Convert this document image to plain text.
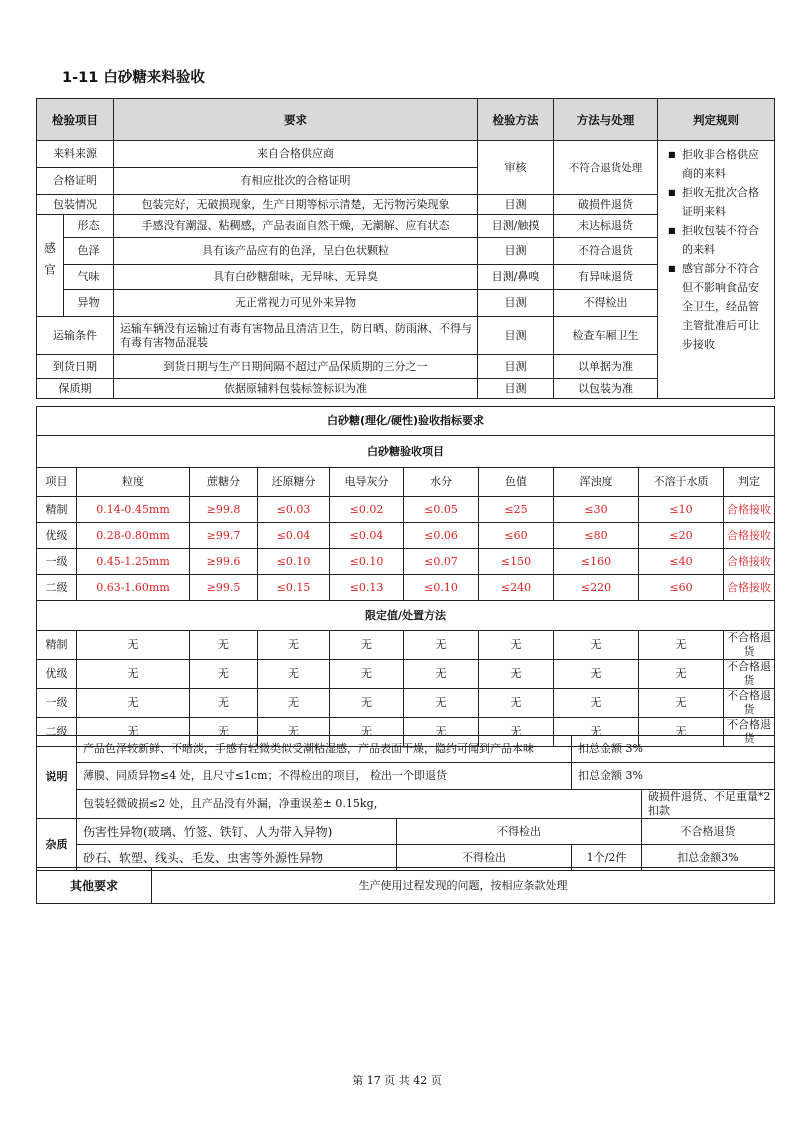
1-11 白砂糖来料验收
检验项目		要求	检验方法	方法与处理	判定规则
来料来源		来自合格供应商	审核	不符合退货处理	■ 拒收非合格供应商的来料
■ 拒收无批次合格证明来料
■ 拒收包装不符合的来料
■ 感官部分不符合但不影响食品安全卫生，经品管主管批准后可让步接收

合格证明		有相应批次的合格证明			
包装情况		包装完好，无破损现象，生产日期等标示清楚，无污物污染现象	目测	破损件退货	
感官	形态	手感没有潮湿、粘稠感，产品表面自然干燥，无潮解、应有状态	目测/触摸	未达标退货	
	色泽	具有该产品应有的色泽，呈白色状颗粒	目测	不符合退货	
	气味	具有白砂糖甜味，无异味、无异臭	目测/鼻嗅	有异味退货	
	异物	无正常视力可见外来异物	目测	不得检出	
运输条件		运输车辆没有运输过有毒有害物品且清洁卫生，防日晒、防雨淋、不得与有毒有害物品混装	目测	检查车厢卫生	
到货日期		到货日期与生产日期间隔不超过产品保质期的三分之一	目测	以单据为准	
保质期		依据原辅料包装标签标识为准	目测	以包装为准	
白砂糖(理化/硬性)验收指标要求									
白砂糖验收项目									
项目	粒度	蔗糖分	还原糖分	电导灰分	水分	色值	浑浊度	不溶于水质	判定
精制	0.14-0.45mm	≥99.8	≤0.03	≤0.02	≤0.05	≤25	≤30	≤10	合格接收
优级	0.28-0.80mm	≥99.7	≤0.04	≤0.04	≤0.06	≤60	≤80	≤20	合格接收
一级	0.45-1.25mm	≥99.6	≤0.10	≤0.10	≤0.07	≤150	≤160	≤40	合格接收
二级	0.63-1.60mm	≥99.5	≤0.15	≤0.13	≤0.10	≤240	≤220	≤60	合格接收
限定值/处置方法									
精制	无	无	无	无	无	无	无	无	不合格退货
优级	无	无	无	无	无	无	无	无	不合格退货
一级	无	无	无	无	无	无	无	无	不合格退货
二级	无	无	无	无	无	无	无	无	不合格退货
说明	产品色泽较新鲜、不暗淡，手感有轻微类似受潮粘湿感，产品表面干燥，隐约可闻到产品本味		扣总金额 3%	
	薄膜、同质异物≤4 处，且尺寸≤1cm；不得检出的项目， 检出一个即退货		扣总金额 3%	
	包装轻微破损≤2 处，且产品没有外漏，净重误差± 0.15kg，			破损件退货、不足重量*2 扣款
杂质	伤害性异物(玻璃、竹签、铁钉、人为带入异物)	不得检出		不合格退货
	砂石、软塑、线头、毛发、虫害等外源性异物	不得检出	1个/2件	扣总金额3%
其他要求	生产使用过程发现的问题，按相应条款处理
第 17 页 共 42 页
